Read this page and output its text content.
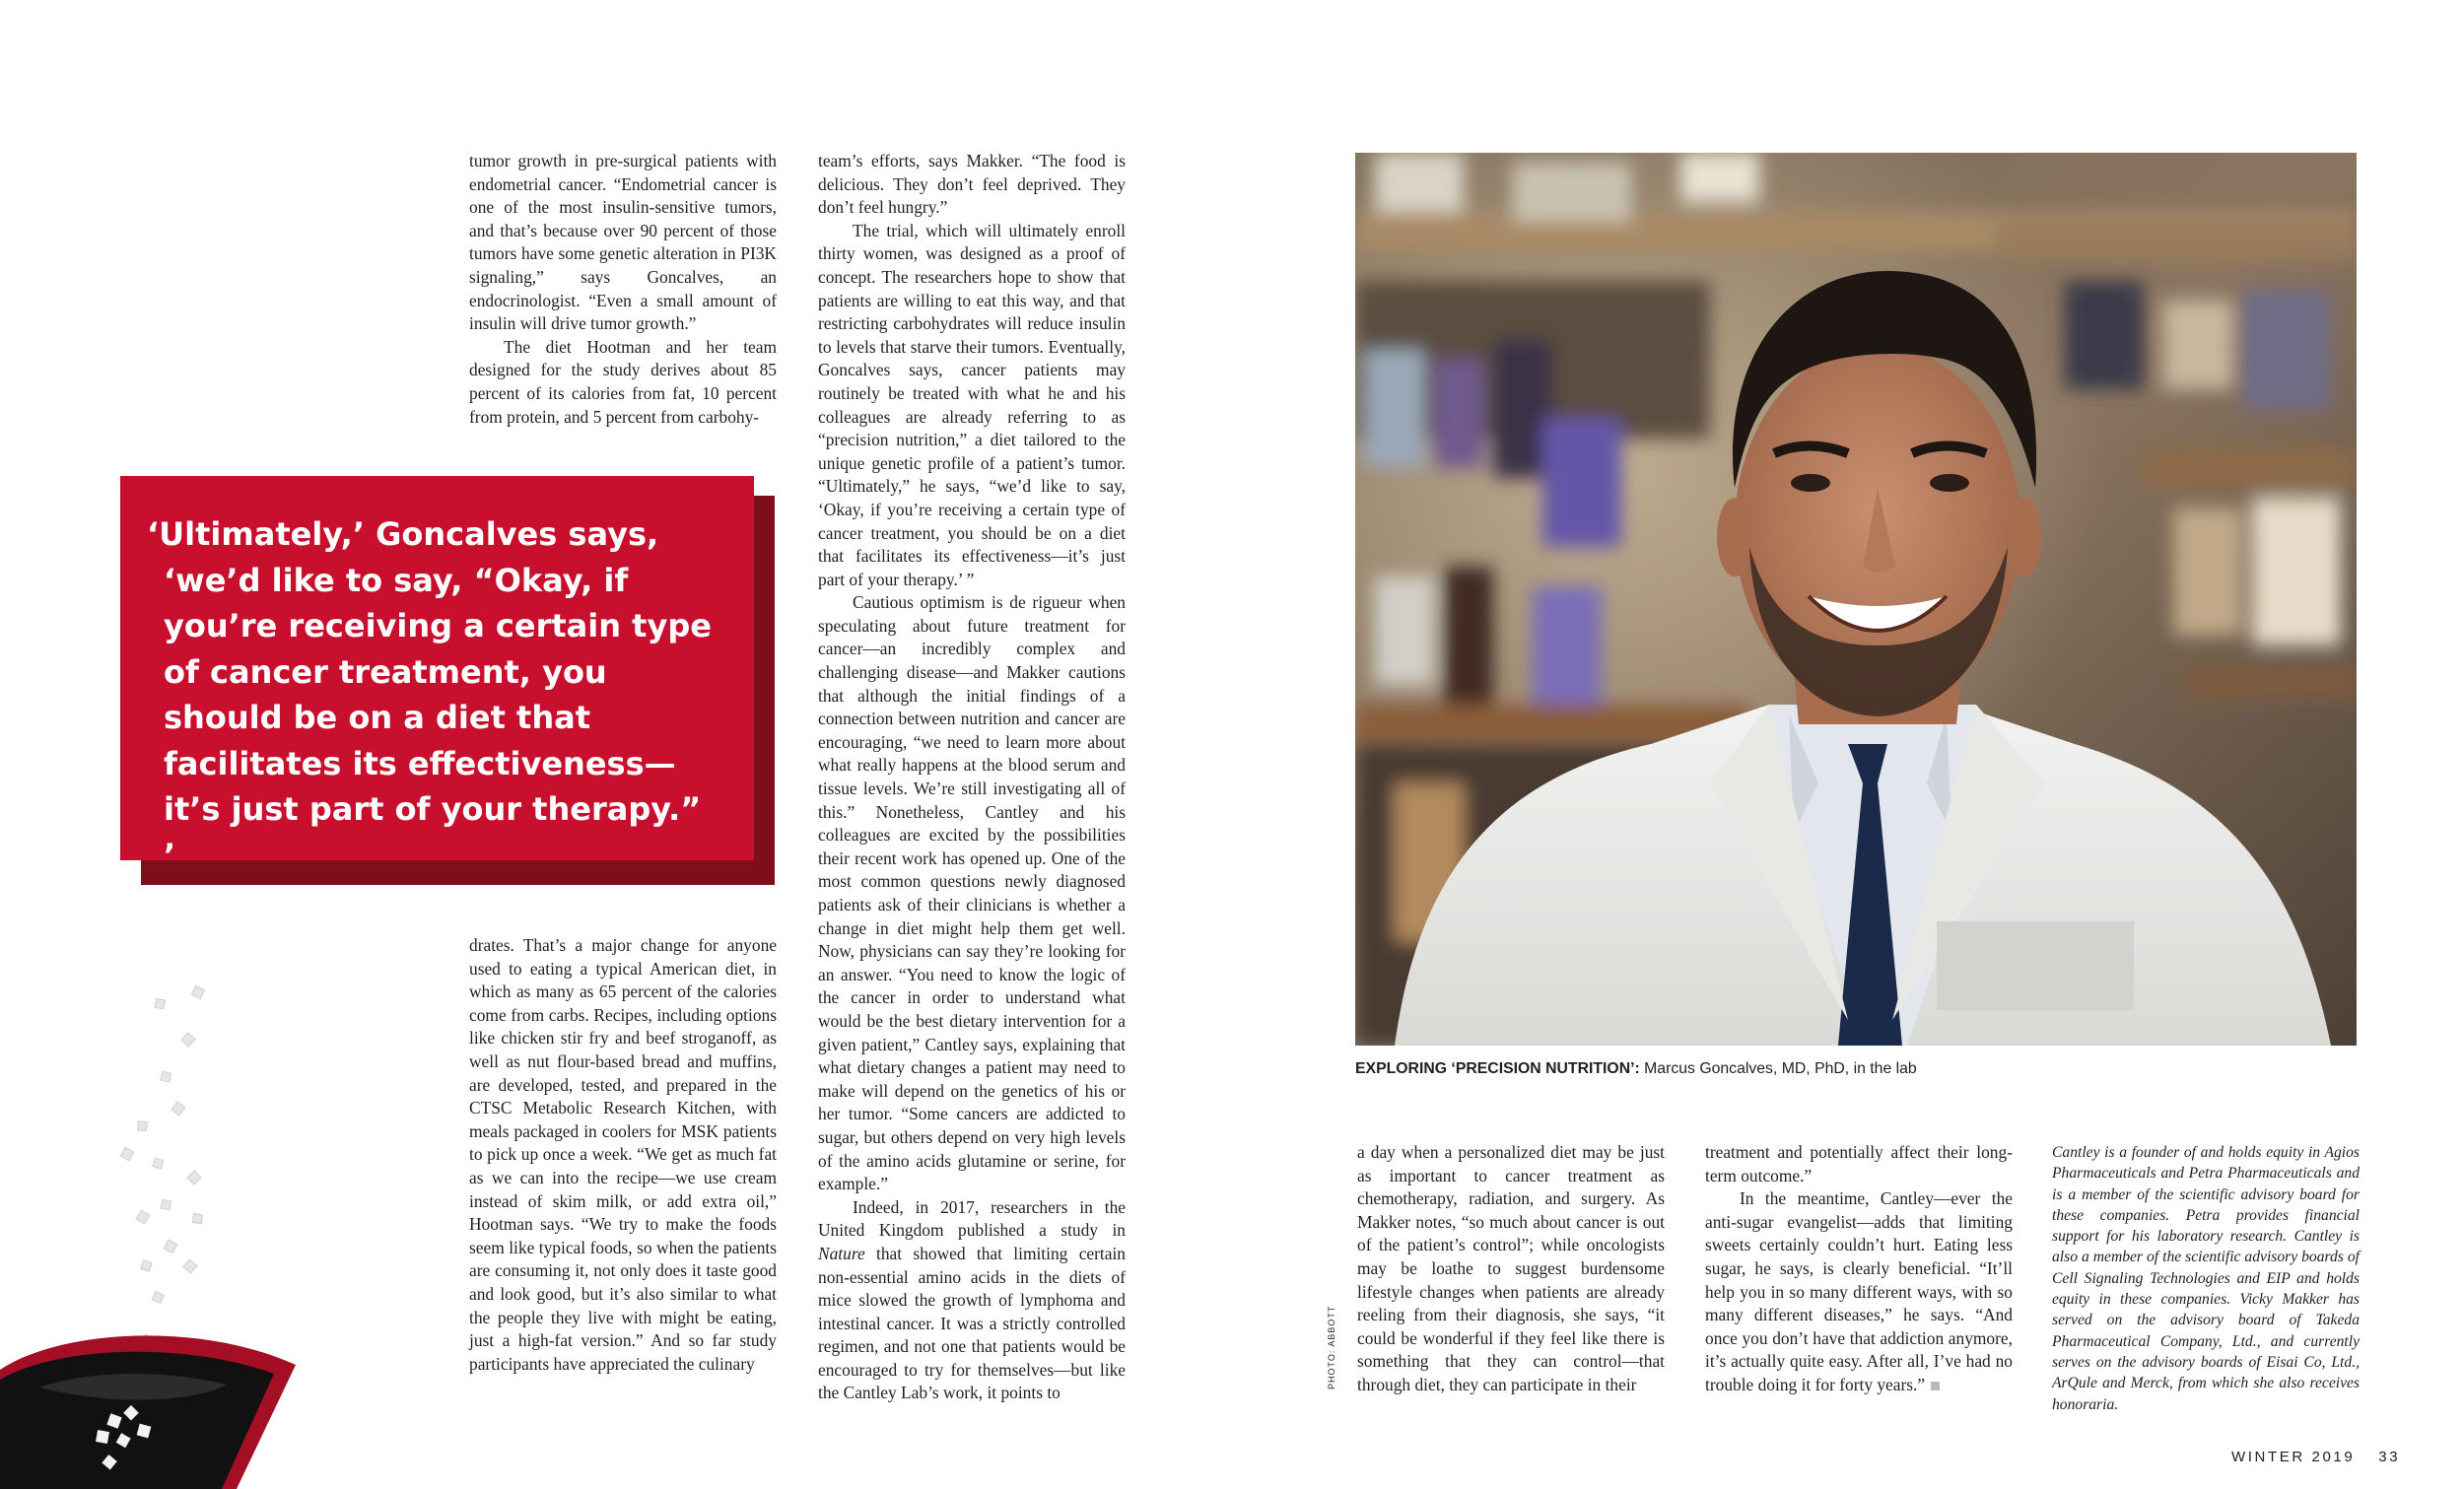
tumor growth in pre-surgical patients with endometrial cancer. “Endometrial cancer is one of the most insulin-sensitive tumors, and that’s because over 90 percent of those tumors have some genetic alteration in PI3K signaling,” says Goncalves, an endocrinologist. “Even a small amount of insulin will drive tumor growth.”

The diet Hootman and her team designed for the study derives about 85 percent of its calories from fat, 10 percent from protein, and 5 percent from carbohy-

‘Ultimately,’ Goncalves says,
‘we’d like to say, “Okay, if you’re receiving a certain type of cancer treatment, you should be on a diet that facilitates its effectiveness—it’s just part of your therapy.” ’

drates. That’s a major change for anyone used to eating a typical American diet, in which as many as 65 percent of the calories come from carbs. Recipes, including options like chicken stir fry and beef stroganoff, as well as nut flour-based bread and muffins, are developed, tested, and prepared in the CTSC Metabolic Research Kitchen, with meals packaged in coolers for MSK patients to pick up once a week. “We get as much fat as we can into the recipe—we use cream instead of skim milk, or add extra oil,” Hootman says. “We try to make the foods seem like typical foods, so when the patients are consuming it, not only does it taste good and look good, but it’s also similar to what the people they live with might be eating, just a high-fat version.” And so far study participants have appreciated the culinary

team’s efforts, says Makker. “The food is delicious. They don’t feel deprived. They don’t feel hungry.”

The trial, which will ultimately enroll thirty women, was designed as a proof of concept. The researchers hope to show that patients are willing to eat this way, and that restricting carbohydrates will reduce insulin to levels that starve their tumors. Eventually, Goncalves says, cancer patients may routinely be treated with what he and his colleagues are already referring to as “precision nutrition,” a diet tailored to the unique genetic profile of a patient’s tumor. “Ultimately,” he says, “we’d like to say, ‘Okay, if you’re receiving a certain type of cancer treatment, you should be on a diet that facilitates its effectiveness—it’s just part of your therapy.’ ”

Cautious optimism is de rigueur when speculating about future treatment for cancer—an incredibly complex and challenging disease—and Makker cautions that although the initial findings of a connection between nutrition and cancer are encouraging, “we need to learn more about what really happens at the blood serum and tissue levels. We’re still investigating all of this.” Nonetheless, Cantley and his colleagues are excited by the possibilities their recent work has opened up. One of the most common questions newly diagnosed patients ask of their clinicians is whether a change in diet might help them get well. Now, physicians can say they’re looking for an answer. “You need to know the logic of the cancer in order to understand what would be the best dietary intervention for a given patient,” Cantley says, explaining that what dietary changes a patient may need to make will depend on the genetics of his or her tumor. “Some cancers are addicted to sugar, but others depend on very high levels of the amino acids glutamine or serine, for example.”

Indeed, in 2017, researchers in the United Kingdom published a study in Nature that showed that limiting certain non-essential amino acids in the diets of mice slowed the growth of lymphoma and intestinal cancer. It was a strictly controlled regimen, and not one that patients would be encouraged to try for themselves—but like the Cantley Lab’s work, it points to

EXPLORING ‘PRECISION NUTRITION’: Marcus Goncalves, MD, PhD, in the lab
PHOTO: ABBOTT

a day when a personalized diet may be just as important to cancer treatment as chemotherapy, radiation, and surgery. As Makker notes, “so much about cancer is out of the patient’s control”; while oncologists may be loathe to suggest burdensome lifestyle changes when patients are already reeling from their diagnosis, she says, “it could be wonderful if they feel like there is something that they can control—that through diet, they can participate in their

treatment and potentially affect their long-term outcome.”

In the meantime, Cantley—ever the anti-sugar evangelist—adds that limiting sweets certainly couldn’t hurt. Eating less sugar, he says, is clearly beneficial. “It’ll help you in so many different ways, with so many different diseases,” he says. “And once you don’t have that addiction anymore, it’s actually quite easy. After all, I’ve had no trouble doing it for forty years.”

Cantley is a founder of and holds equity in Agios Pharmaceuticals and Petra Pharmaceuticals and is a member of the scientific advisory board for these companies. Petra provides financial support for his laboratory research. Cantley is also a member of the scientific advisory boards of Cell Signaling Technologies and EIP and holds equity in these companies. Vicky Makker has served on the advisory board of Takeda Pharmaceutical Company, Ltd., and currently serves on the advisory boards of Eisai Co, Ltd., ArQule and Merck, from which she also receives honoraria.

WINTER 2019 33
